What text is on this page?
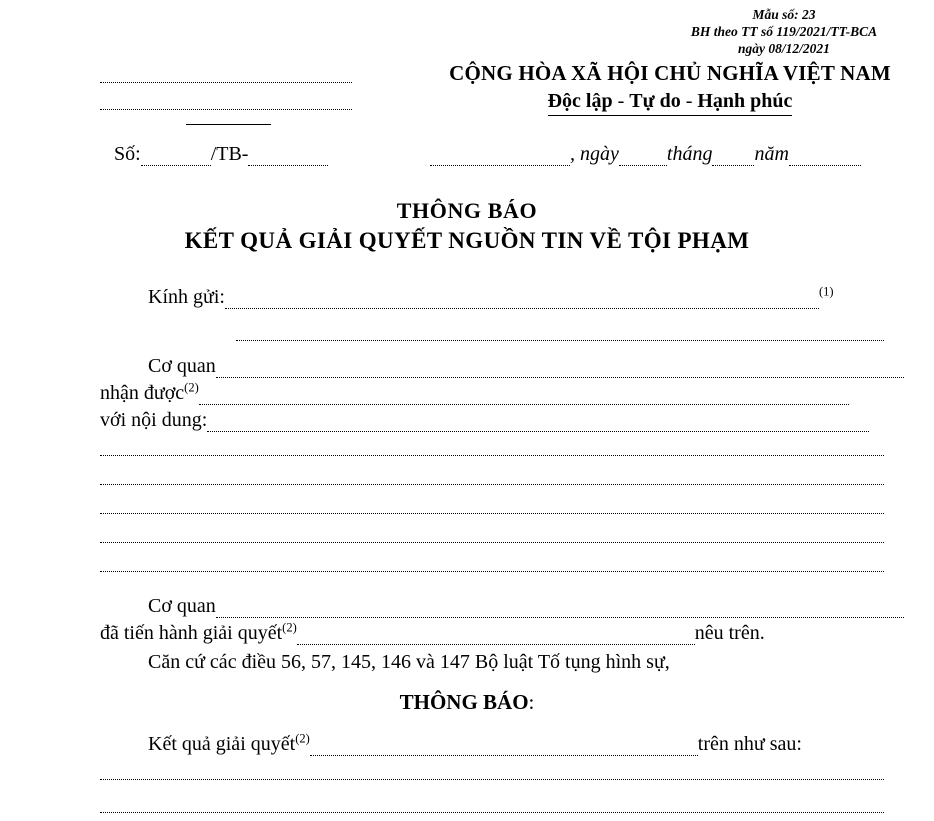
Mẫu số: 23
BH theo TT số 119/2021/TT-BCA
ngày 08/12/2021
CỘNG HÒA XÃ HỘI CHỦ NGHĨA VIỆT NAM
Độc lập - Tự do - Hạnh phúc
Số:	/TB-	, ngày tháng năm
THÔNG BÁO
KẾT QUẢ GIẢI QUYẾT NGUỒN TIN VỀ TỘI PHẠM
Kính gửi:	$^{(1)}$
Cơ quan
nhận được$^{(2)}$
với nội dung:
Cơ quan
đã tiến hành giải quyết$^{(2)}$	nêu trên.
Căn cứ các điều 56, 57, 145, 146 và 147 Bộ luật Tố tụng hình sự,
THÔNG BÁO:
Kết quả giải quyết$^{(2)}$	trên như sau:
